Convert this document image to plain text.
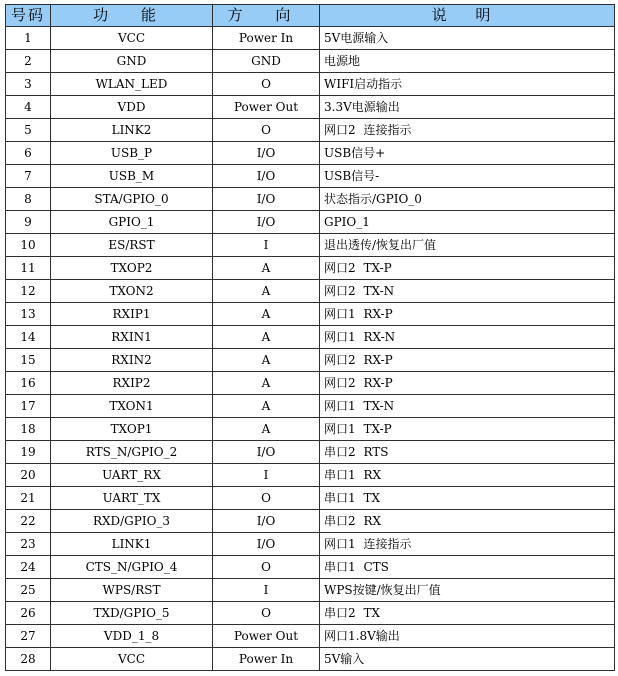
号码	功 能	方 向	说 明
1	VCC	Power In	5V电源输入
2	GND	GND	电源地
3	WLAN_LED	O	WIFI启动指示
4	VDD	Power Out	3.3V电源输出
5	LINK2	O	网口2 连接指示
6	USB_P	I/O	USB信号+
7	USB_M	I/O	USB信号-
8	STA/GPIO_0	I/O	状态指示/GPIO_0
9	GPIO_1	I/O	GPIO_1
10	ES/RST	I	退出透传/恢复出厂值
11	TXOP2	A	网口2 TX-P
12	TXON2	A	网口2 TX-N
13	RXIP1	A	网口1 RX-P
14	RXIN1	A	网口1 RX-N
15	RXIN2	A	网口2 RX-P
16	RXIP2	A	网口2 RX-P
17	TXON1	A	网口1 TX-N
18	TXOP1	A	网口1 TX-P
19	RTS_N/GPIO_2	I/O	串口2 RTS
20	UART_RX	I	串口1 RX
21	UART_TX	O	串口1 TX
22	RXD/GPIO_3	I/O	串口2 RX
23	LINK1	I/O	网口1 连接指示
24	CTS_N/GPIO_4	O	串口1 CTS
25	WPS/RST	I	WPS按键/恢复出厂值
26	TXD/GPIO_5	O	串口2 TX
27	VDD_1_8	Power Out	网口1.8V输出
28	VCC	Power In	5V输入
